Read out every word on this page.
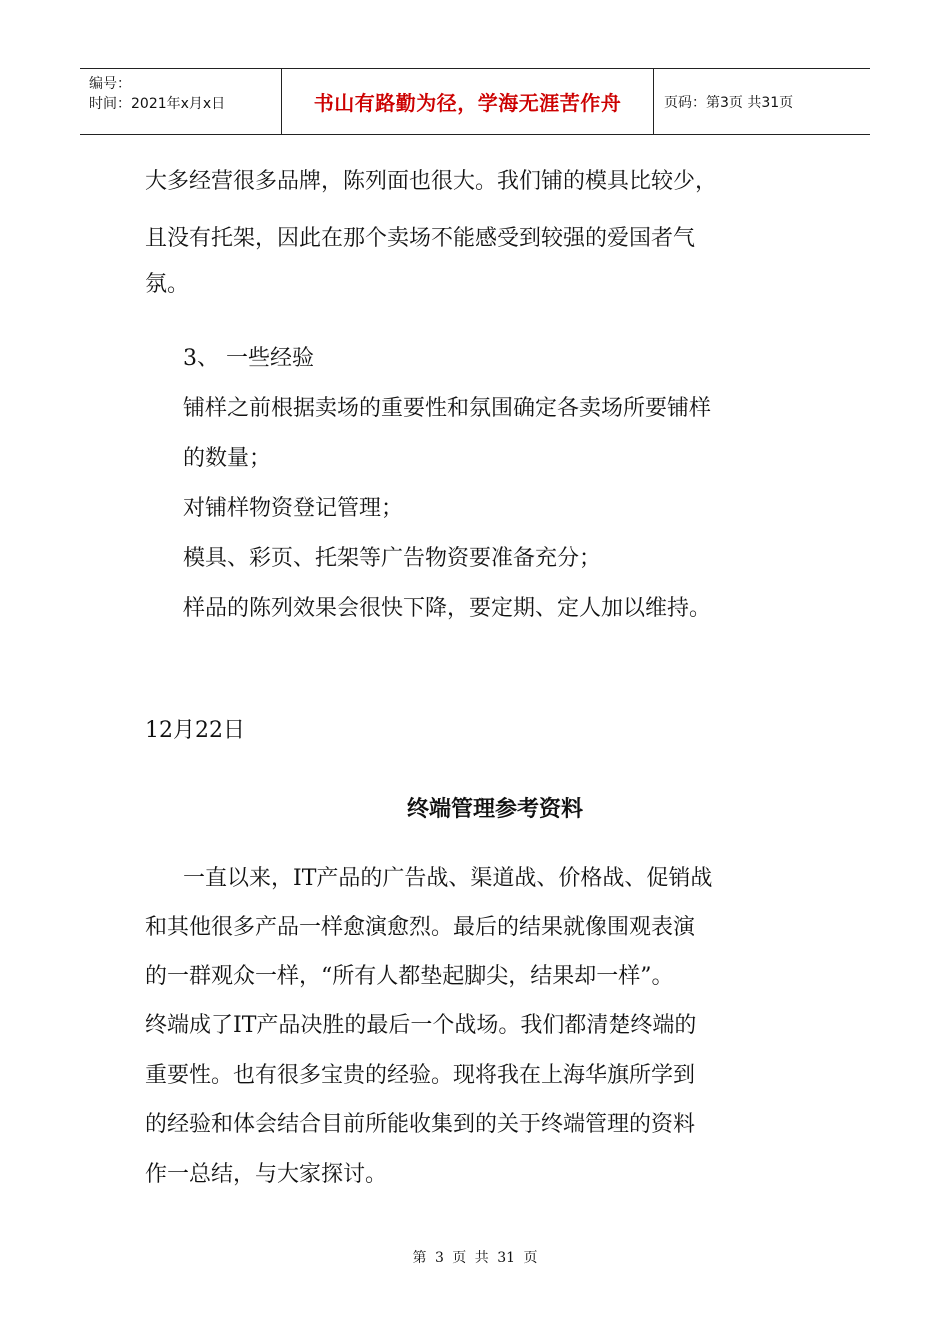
编号：
时间：2021年x月x日	书山有路勤为径，学海无涯苦作舟	页码：第3页 共31页
大多经营很多品牌，陈列面也很大。我们铺的模具比较少，
且没有托架，因此在那个卖场不能感受到较强的爱国者气
氛。
3、 一些经验
铺样之前根据卖场的重要性和氛围确定各卖场所要铺样
的数量；
对铺样物资登记管理；
模具、彩页、托架等广告物资要准备充分；
样品的陈列效果会很快下降，要定期、定人加以维持。
12月22日
终端管理参考资料
一直以来，IT产品的广告战、渠道战、价格战、促销战
和其他很多产品一样愈演愈烈。最后的结果就像围观表演
的一群观众一样，“所有人都垫起脚尖，结果却一样”。
终端成了IT产品决胜的最后一个战场。我们都清楚终端的
重要性。也有很多宝贵的经验。现将我在上海华旗所学到
的经验和体会结合目前所能收集到的关于终端管理的资料
作一总结，与大家探讨。
第 3 页 共 31 页
